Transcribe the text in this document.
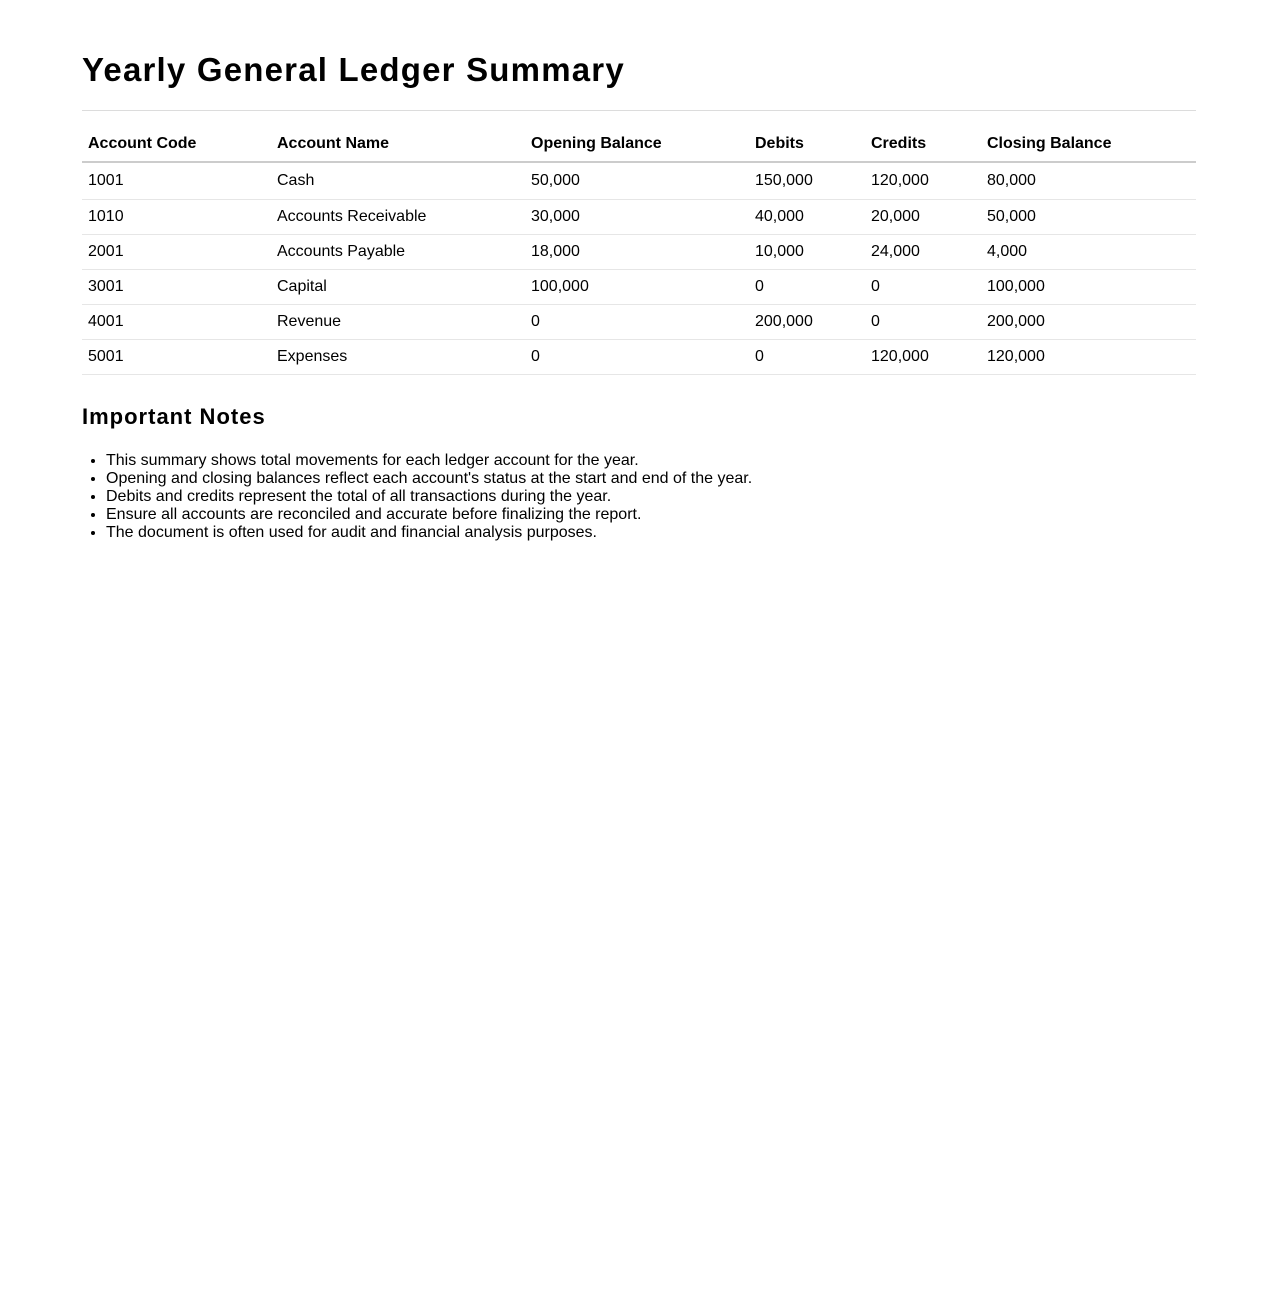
Yearly General Ledger Summary
Account Code	Account Name	Opening Balance	Debits	Credits	Closing Balance
1001	Cash	50,000	150,000	120,000	80,000
1010	Accounts Receivable	30,000	40,000	20,000	50,000
2001	Accounts Payable	18,000	10,000	24,000	4,000
3001	Capital	100,000	0	0	100,000
4001	Revenue	0	200,000	0	200,000
5001	Expenses	0	0	120,000	120,000
Important Notes
• This summary shows total movements for each ledger account for the year.
• Opening and closing balances reflect each account's status at the start and end of the year.
• Debits and credits represent the total of all transactions during the year.
• Ensure all accounts are reconciled and accurate before finalizing the report.
• The document is often used for audit and financial analysis purposes.
